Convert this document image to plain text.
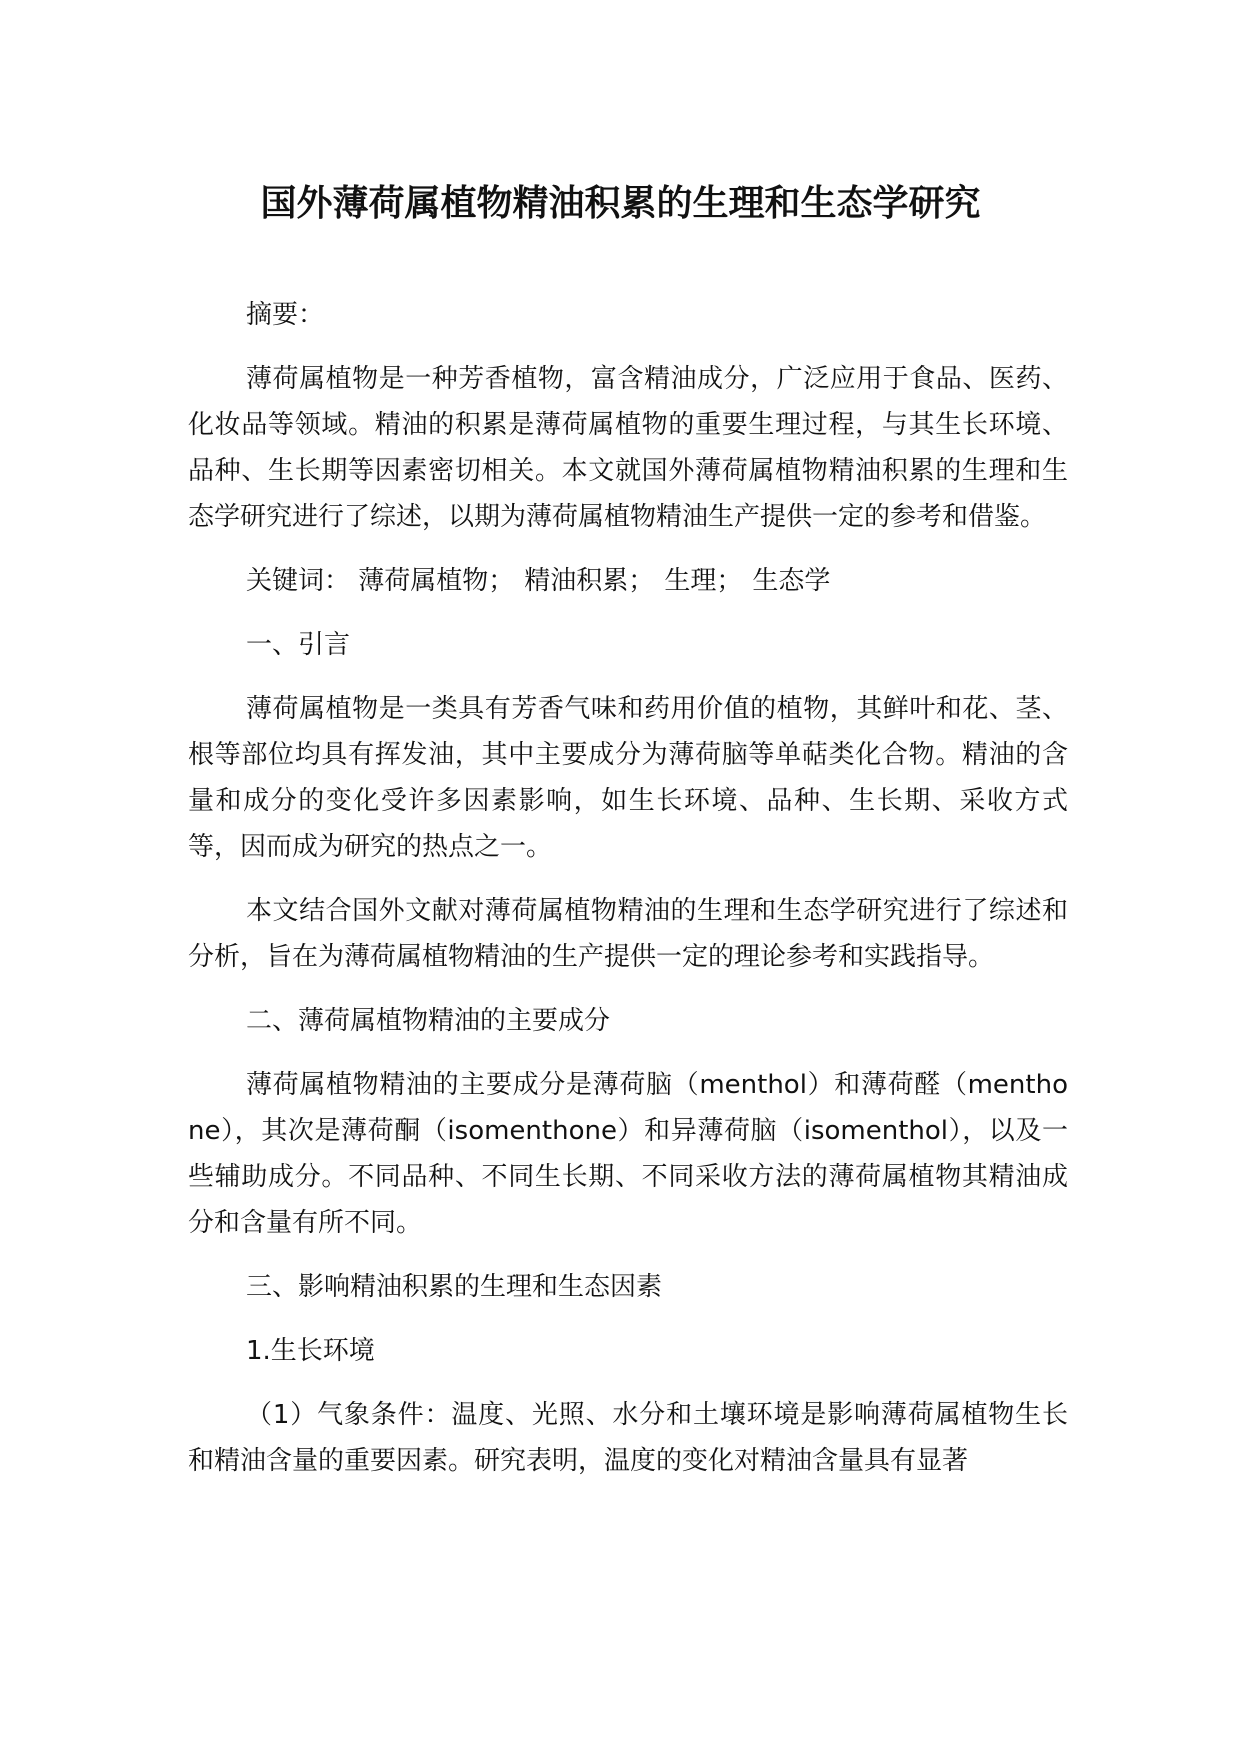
国外薄荷属植物精油积累的生理和生态学研究

摘要：

薄荷属植物是一种芳香植物，富含精油成分，广泛应用于食品、医药、化妆品等领域。精油的积累是薄荷属植物的重要生理过程，与其生长环境、品种、生长期等因素密切相关。本文就国外薄荷属植物精油积累的生理和生态学研究进行了综述，以期为薄荷属植物精油生产提供一定的参考和借鉴。

关键词： 薄荷属植物； 精油积累； 生理； 生态学

一、引言

薄荷属植物是一类具有芳香气味和药用价值的植物，其鲜叶和花、茎、根等部位均具有挥发油，其中主要成分为薄荷脑等单萜类化合物。精油的含量和成分的变化受许多因素影响，如生长环境、品种、生长期、采收方式等，因而成为研究的热点之一。

本文结合国外文献对薄荷属植物精油的生理和生态学研究进行了综述和分析，旨在为薄荷属植物精油的生产提供一定的理论参考和实践指导。

二、薄荷属植物精油的主要成分

薄荷属植物精油的主要成分是薄荷脑（menthol）和薄荷醛（menthone），其次是薄荷酮（isomenthone）和异薄荷脑（isomenthol），以及一些辅助成分。不同品种、不同生长期、不同采收方法的薄荷属植物其精油成分和含量有所不同。

三、影响精油积累的生理和生态因素

1.生长环境

（1）气象条件：温度、光照、水分和土壤环境是影响薄荷属植物生长和精油含量的重要因素。研究表明，温度的变化对精油含量具有显著
